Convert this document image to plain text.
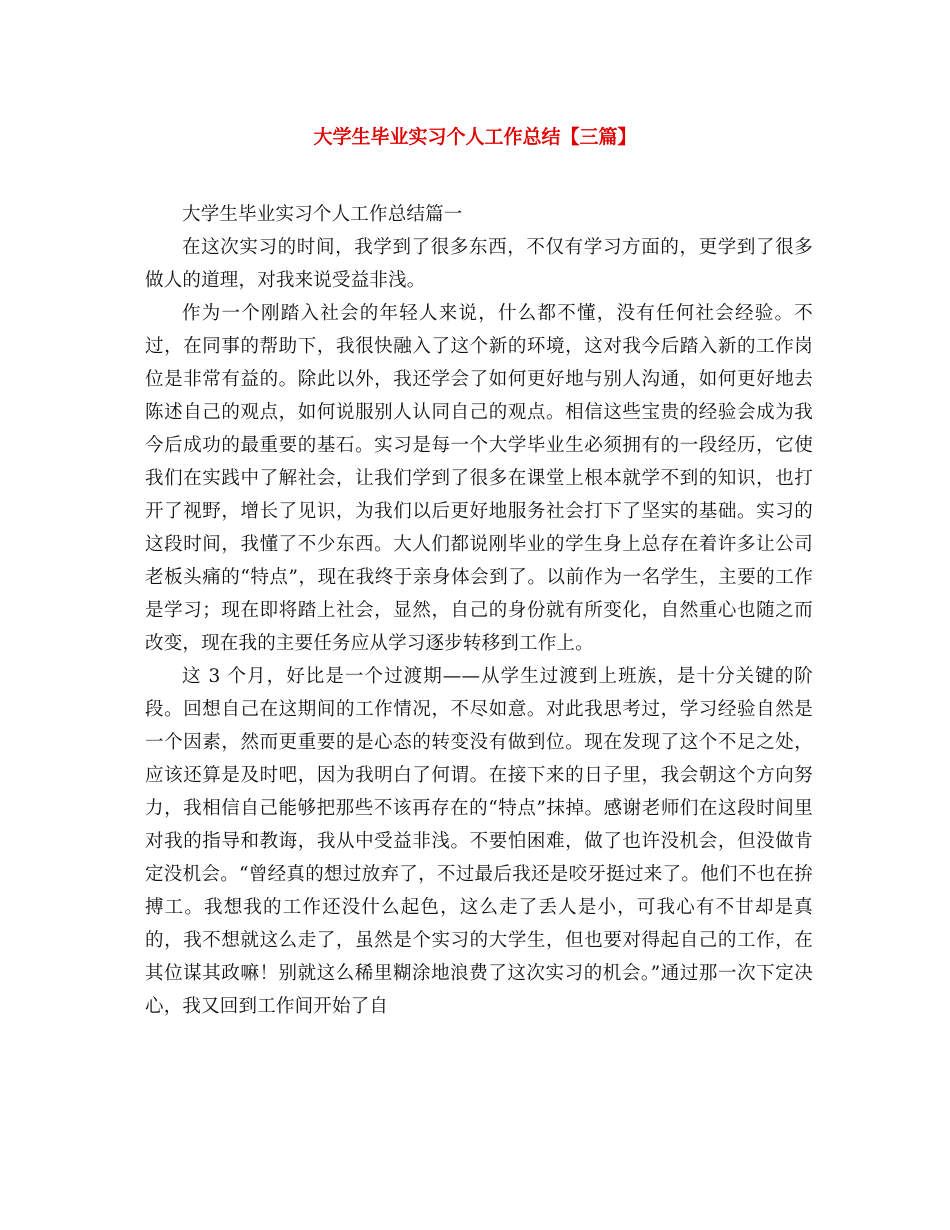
大学生毕业实习个人工作总结【三篇】

大学生毕业实习个人工作总结篇一

在这次实习的时间，我学到了很多东西，不仅有学习方面的，更学到了很多做人的道理，对我来说受益非浅。

作为一个刚踏入社会的年轻人来说，什么都不懂，没有任何社会经验。不过，在同事的帮助下，我很快融入了这个新的环境，这对我今后踏入新的工作岗位是非常有益的。除此以外，我还学会了如何更好地与别人沟通，如何更好地去陈述自己的观点，如何说服别人认同自己的观点。相信这些宝贵的经验会成为我今后成功的最重要的基石。实习是每一个大学毕业生必须拥有的一段经历，它使我们在实践中了解社会，让我们学到了很多在课堂上根本就学不到的知识，也打开了视野，增长了见识，为我们以后更好地服务社会打下了坚实的基础。实习的这段时间，我懂了不少东西。大人们都说刚毕业的学生身上总存在着许多让公司老板头痛的“特点”，现在我终于亲身体会到了。以前作为一名学生，主要的工作是学习；现在即将踏上社会，显然，自己的身份就有所变化，自然重心也随之而改变，现在我的主要任务应从学习逐步转移到工作上。

这 3 个月，好比是一个过渡期——从学生过渡到上班族，是十分关键的阶段。回想自己在这期间的工作情况，不尽如意。对此我思考过，学习经验自然是一个因素，然而更重要的是心态的转变没有做到位。现在发现了这个不足之处，应该还算是及时吧，因为我明白了何谓。在接下来的日子里，我会朝这个方向努力，我相信自己能够把那些不该再存在的“特点”抹掉。感谢老师们在这段时间里对我的指导和教诲，我从中受益非浅。不要怕困难，做了也许没机会，但没做肯定没机会。“曾经真的想过放弃了，不过最后我还是咬牙挺过来了。他们不也在拚搏工。我想我的工作还没什么起色，这么走了丢人是小，可我心有不甘却是真的，我不想就这么走了，虽然是个实习的大学生，但也要对得起自己的工作，在其位谋其政嘛！别就这么稀里糊涂地浪费了这次实习的机会。”通过那一次下定决心，我又回到工作间开始了自
